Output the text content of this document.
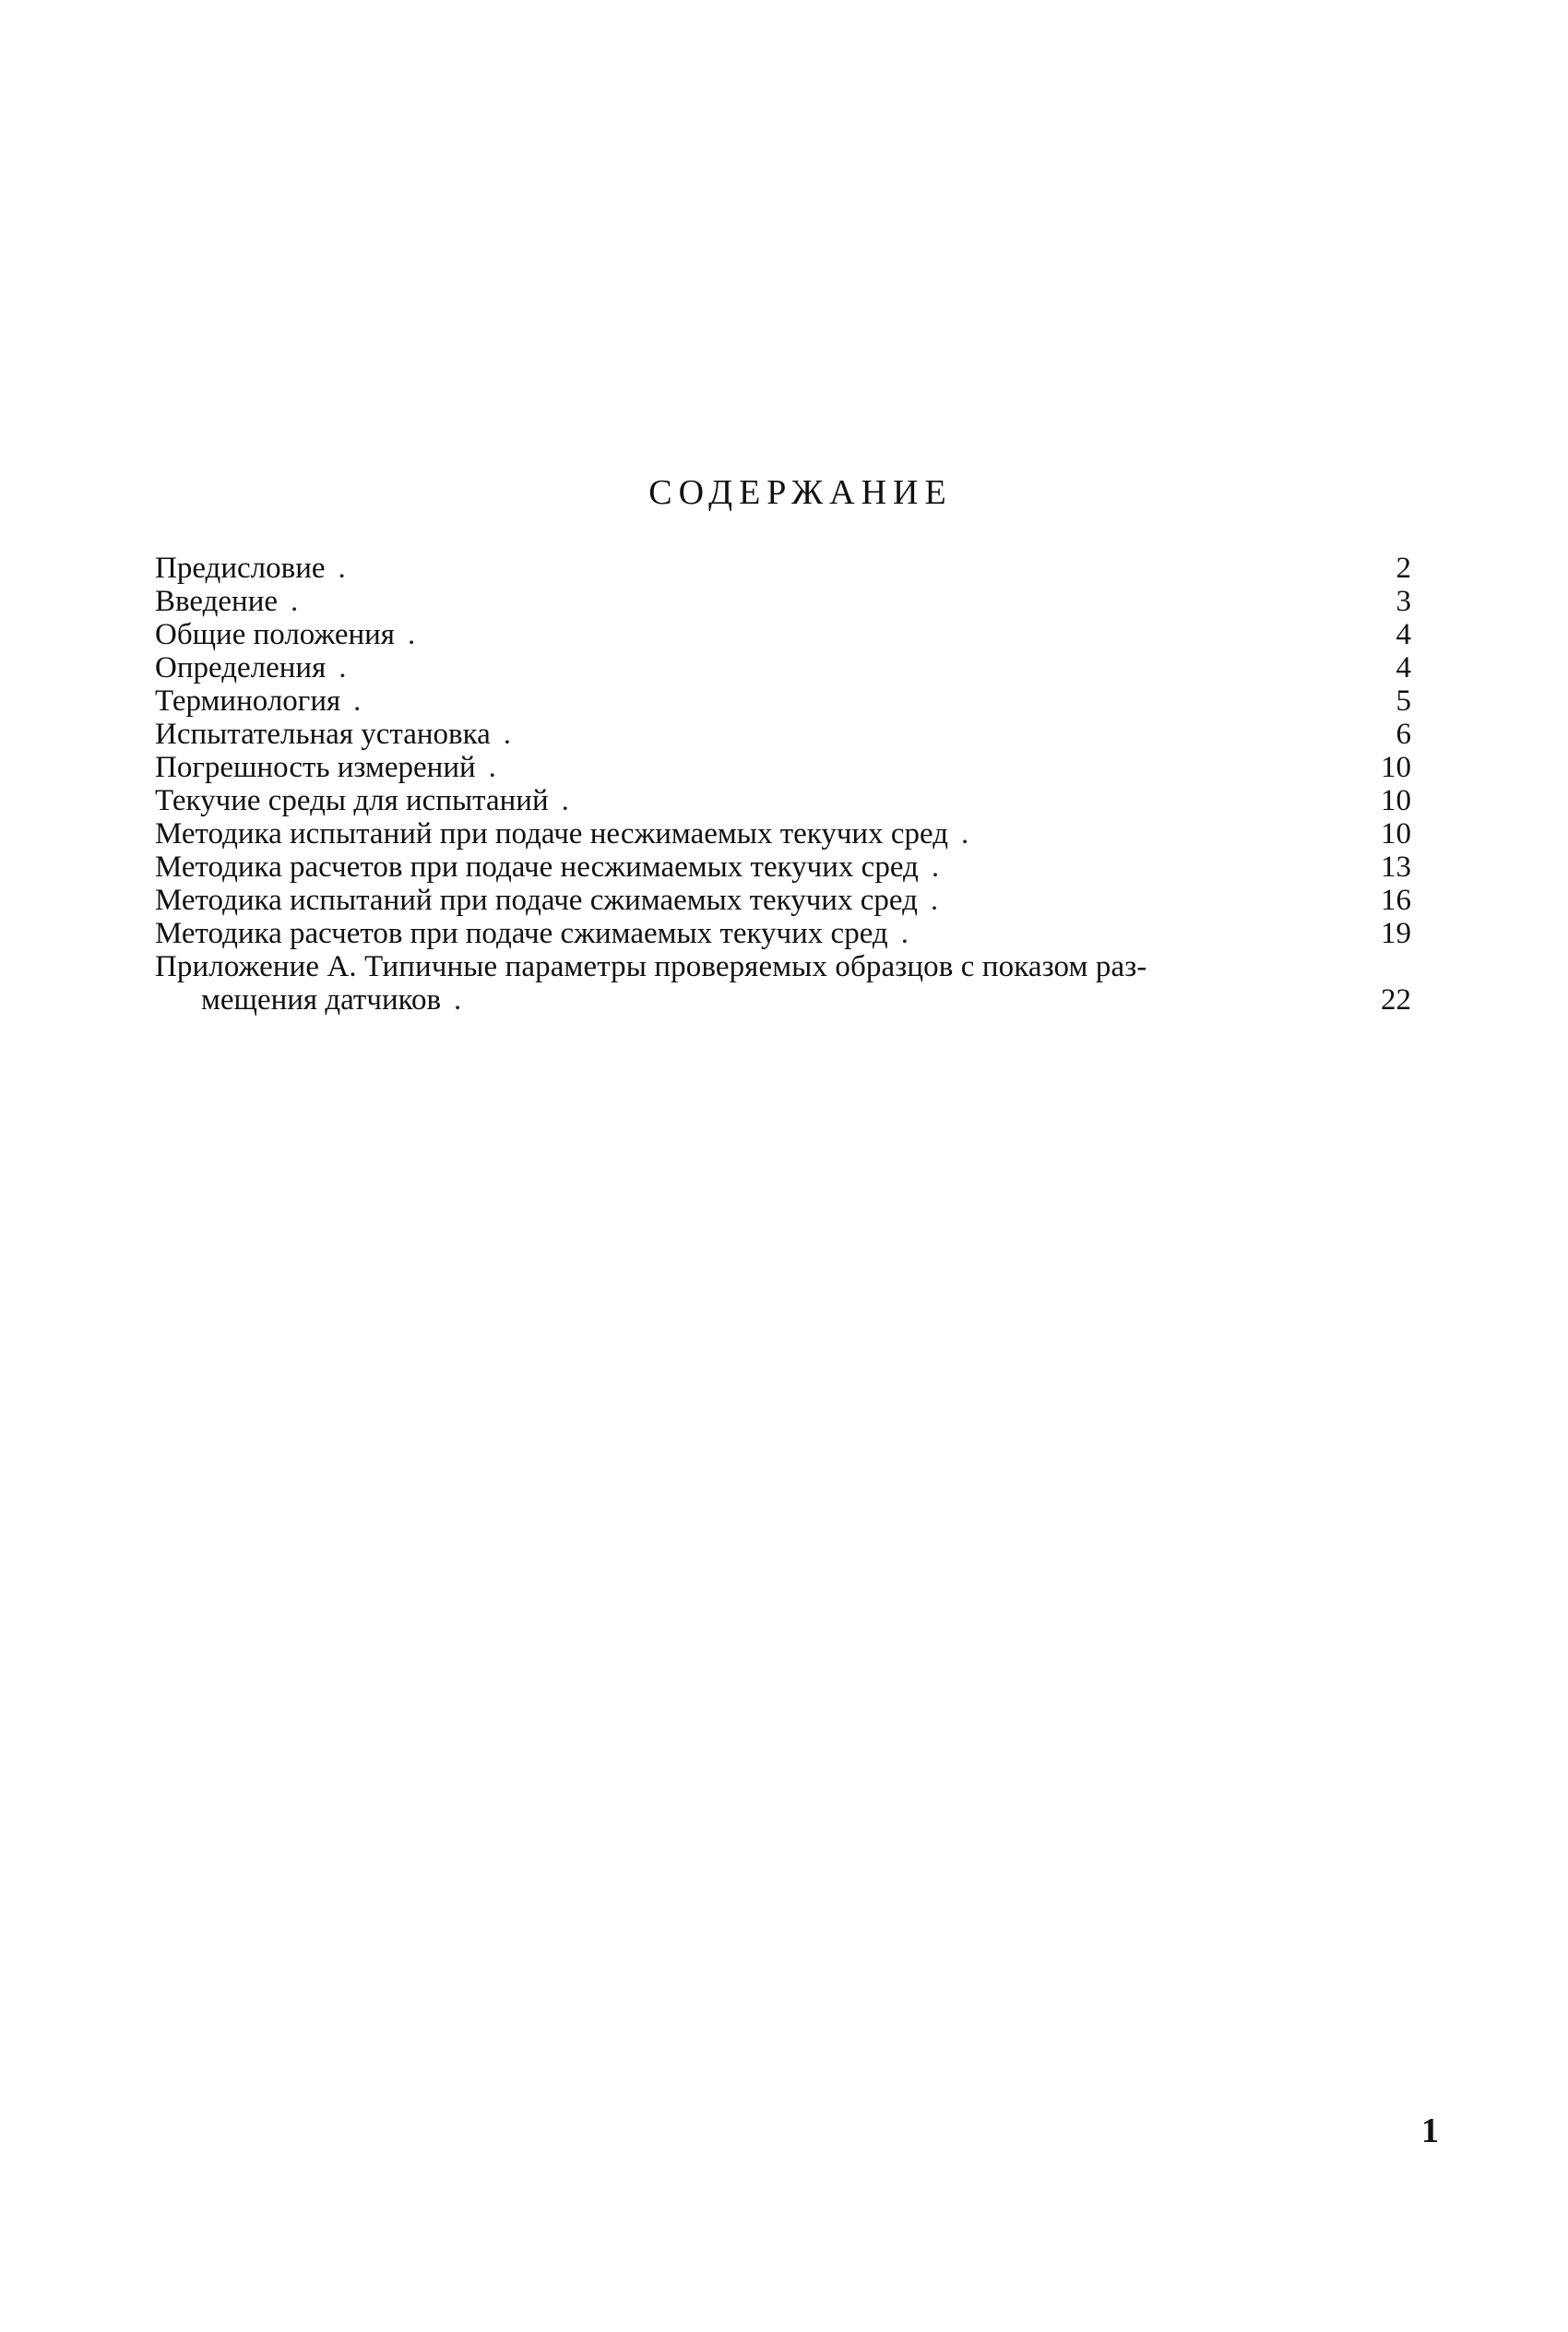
СОДЕРЖАНИЕ
Предисловие .	2
Введение .	3
Общие положения .	4
Определения .	4
Терминология .	5
Испытательная установка .	6
Погрешность измерений .	10
Текучие среды для испытаний .	10
Методика испытаний при подаче несжимаемых текучих сред .	10
Методика расчетов при подаче несжимаемых текучих сред .	13
Методика испытаний при подаче сжимаемых текучих сред .	16
Методика расчетов при подаче сжимаемых текучих сред .	19
Приложение А. Типичные параметры проверяемых образцов с показом раз-
мещения датчиков .	22
1
